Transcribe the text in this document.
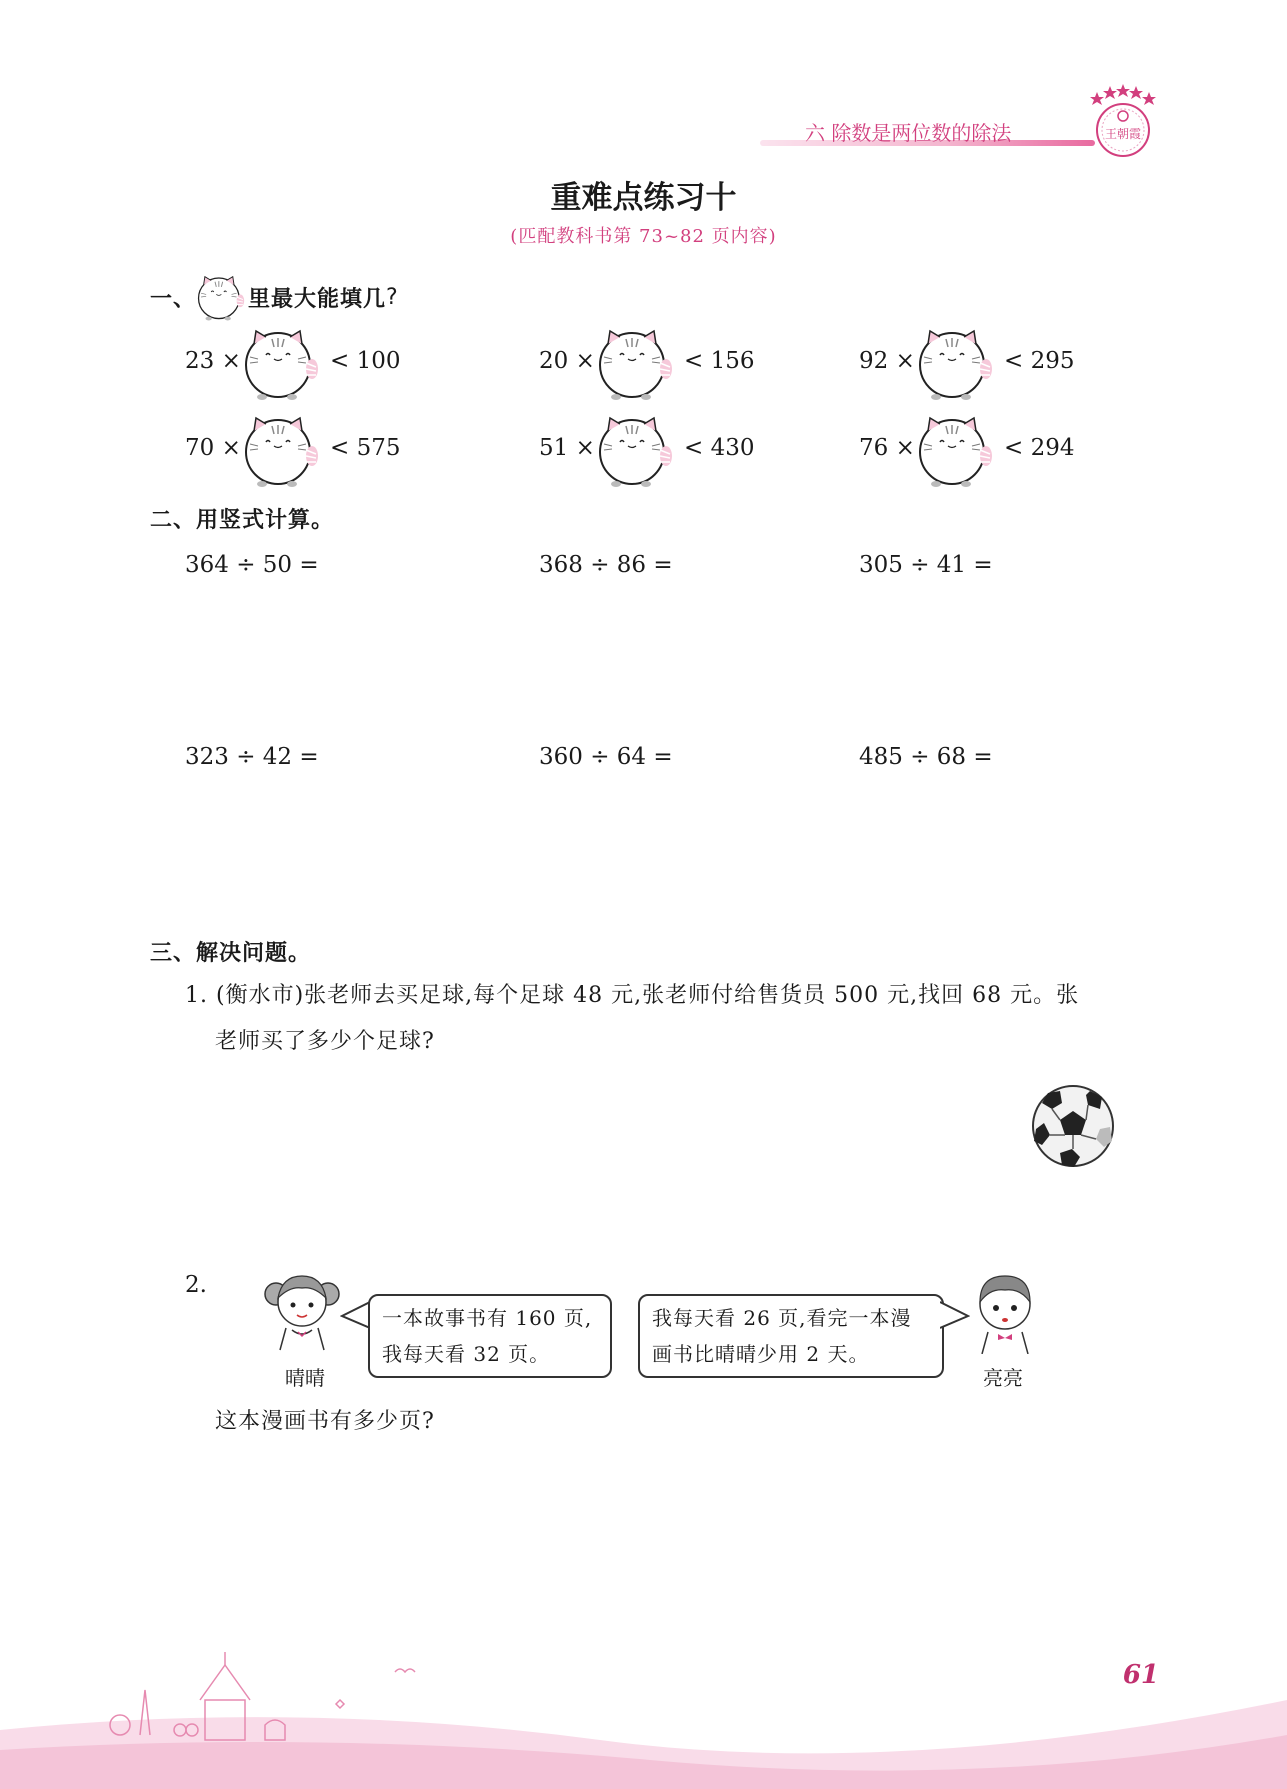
六 除数是两位数的除法	王朝霞
重难点练习十
(匹配教科书第 73~82 页内容)
一、 里最大能填几 ?
23 ×	< 100	20 ×	< 156	92 ×	< 295
70 ×	< 575	51 ×	< 430	76 ×	< 294
二、用竖式计算。
364 ÷ 50 =	368 ÷ 86 =	305 ÷ 41 =
323 ÷ 42 =	360 ÷ 64 =	485 ÷ 68 =
三、解决问题。
1. (衡水市)张老师去买足球,每个足球 48 元,张老师付给售货员 500 元,找回 68 元。张
老师买了多少个足球?
2.
晴晴
一本故事书有 160 页,
我每天看 32 页。
我每天看 26 页,看完一本漫
画书比晴晴少用 2 天。
亮亮
这本漫画书有多少页?
61
